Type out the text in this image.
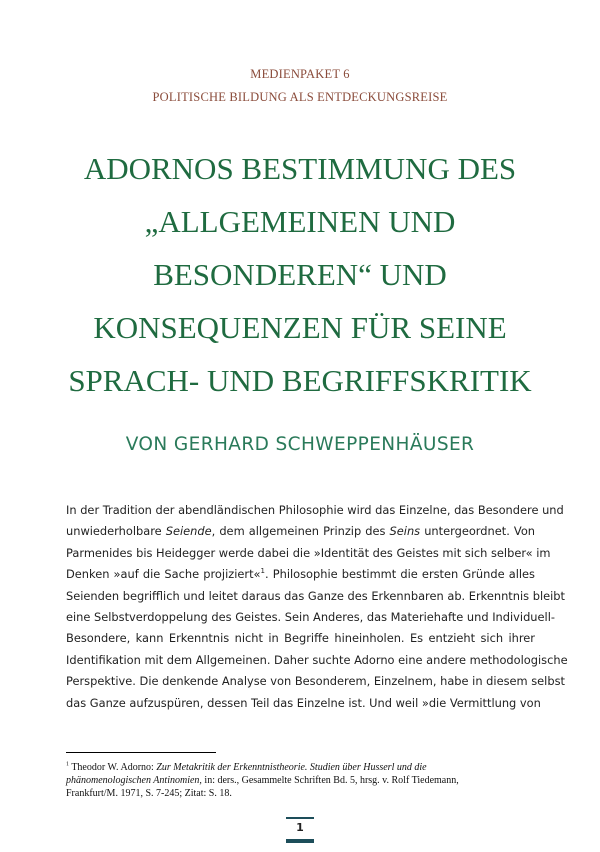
MEDIENPAKET 6
POLITISCHE BILDUNG ALS ENTDECKUNGSREISE
ADORNOS BESTIMMUNG DES
„ALLGEMEINEN UND
BESONDEREN“ UND
KONSEQUENZEN FÜR SEINE
SPRACH- UND BEGRIFFSKRITIK
VON GERHARD SCHWEPPENHÄUSER
In der Tradition der abendländischen Philosophie wird das Einzelne, das Besondere und
unwiederholbare Seiende, dem allgemeinen Prinzip des Seins untergeordnet. Von
Parmenides bis Heidegger werde dabei die »Identität des Geistes mit sich selber« im
Denken »auf die Sache projiziert«$^1$. Philosophie bestimmt die ersten Gründe alles
Seienden begrifflich und leitet daraus das Ganze des Erkennbaren ab. Erkenntnis bleibt
eine Selbstverdoppelung des Geistes. Sein Anderes, das Materiehafte und Individuell-
Besondere, kann Erkenntnis nicht in Begriffe hineinholen. Es entzieht sich ihrer
Identifikation mit dem Allgemeinen. Daher suchte Adorno eine andere methodologische
Perspektive. Die denkende Analyse von Besonderem, Einzelnem, habe in diesem selbst
das Ganze aufzuspüren, dessen Teil das Einzelne ist. Und weil »die Vermittlung von
$^1$ Theodor W. Adorno: Zur Metakritik der Erkenntnistheorie. Studien über Husserl und die phänomenologischen Antinomien, in: ders., Gesammelte Schriften Bd. 5, hrsg. v. Rolf Tiedemann, Frankfurt/M. 1971, S. 7-245; Zitat: S. 18.
1
